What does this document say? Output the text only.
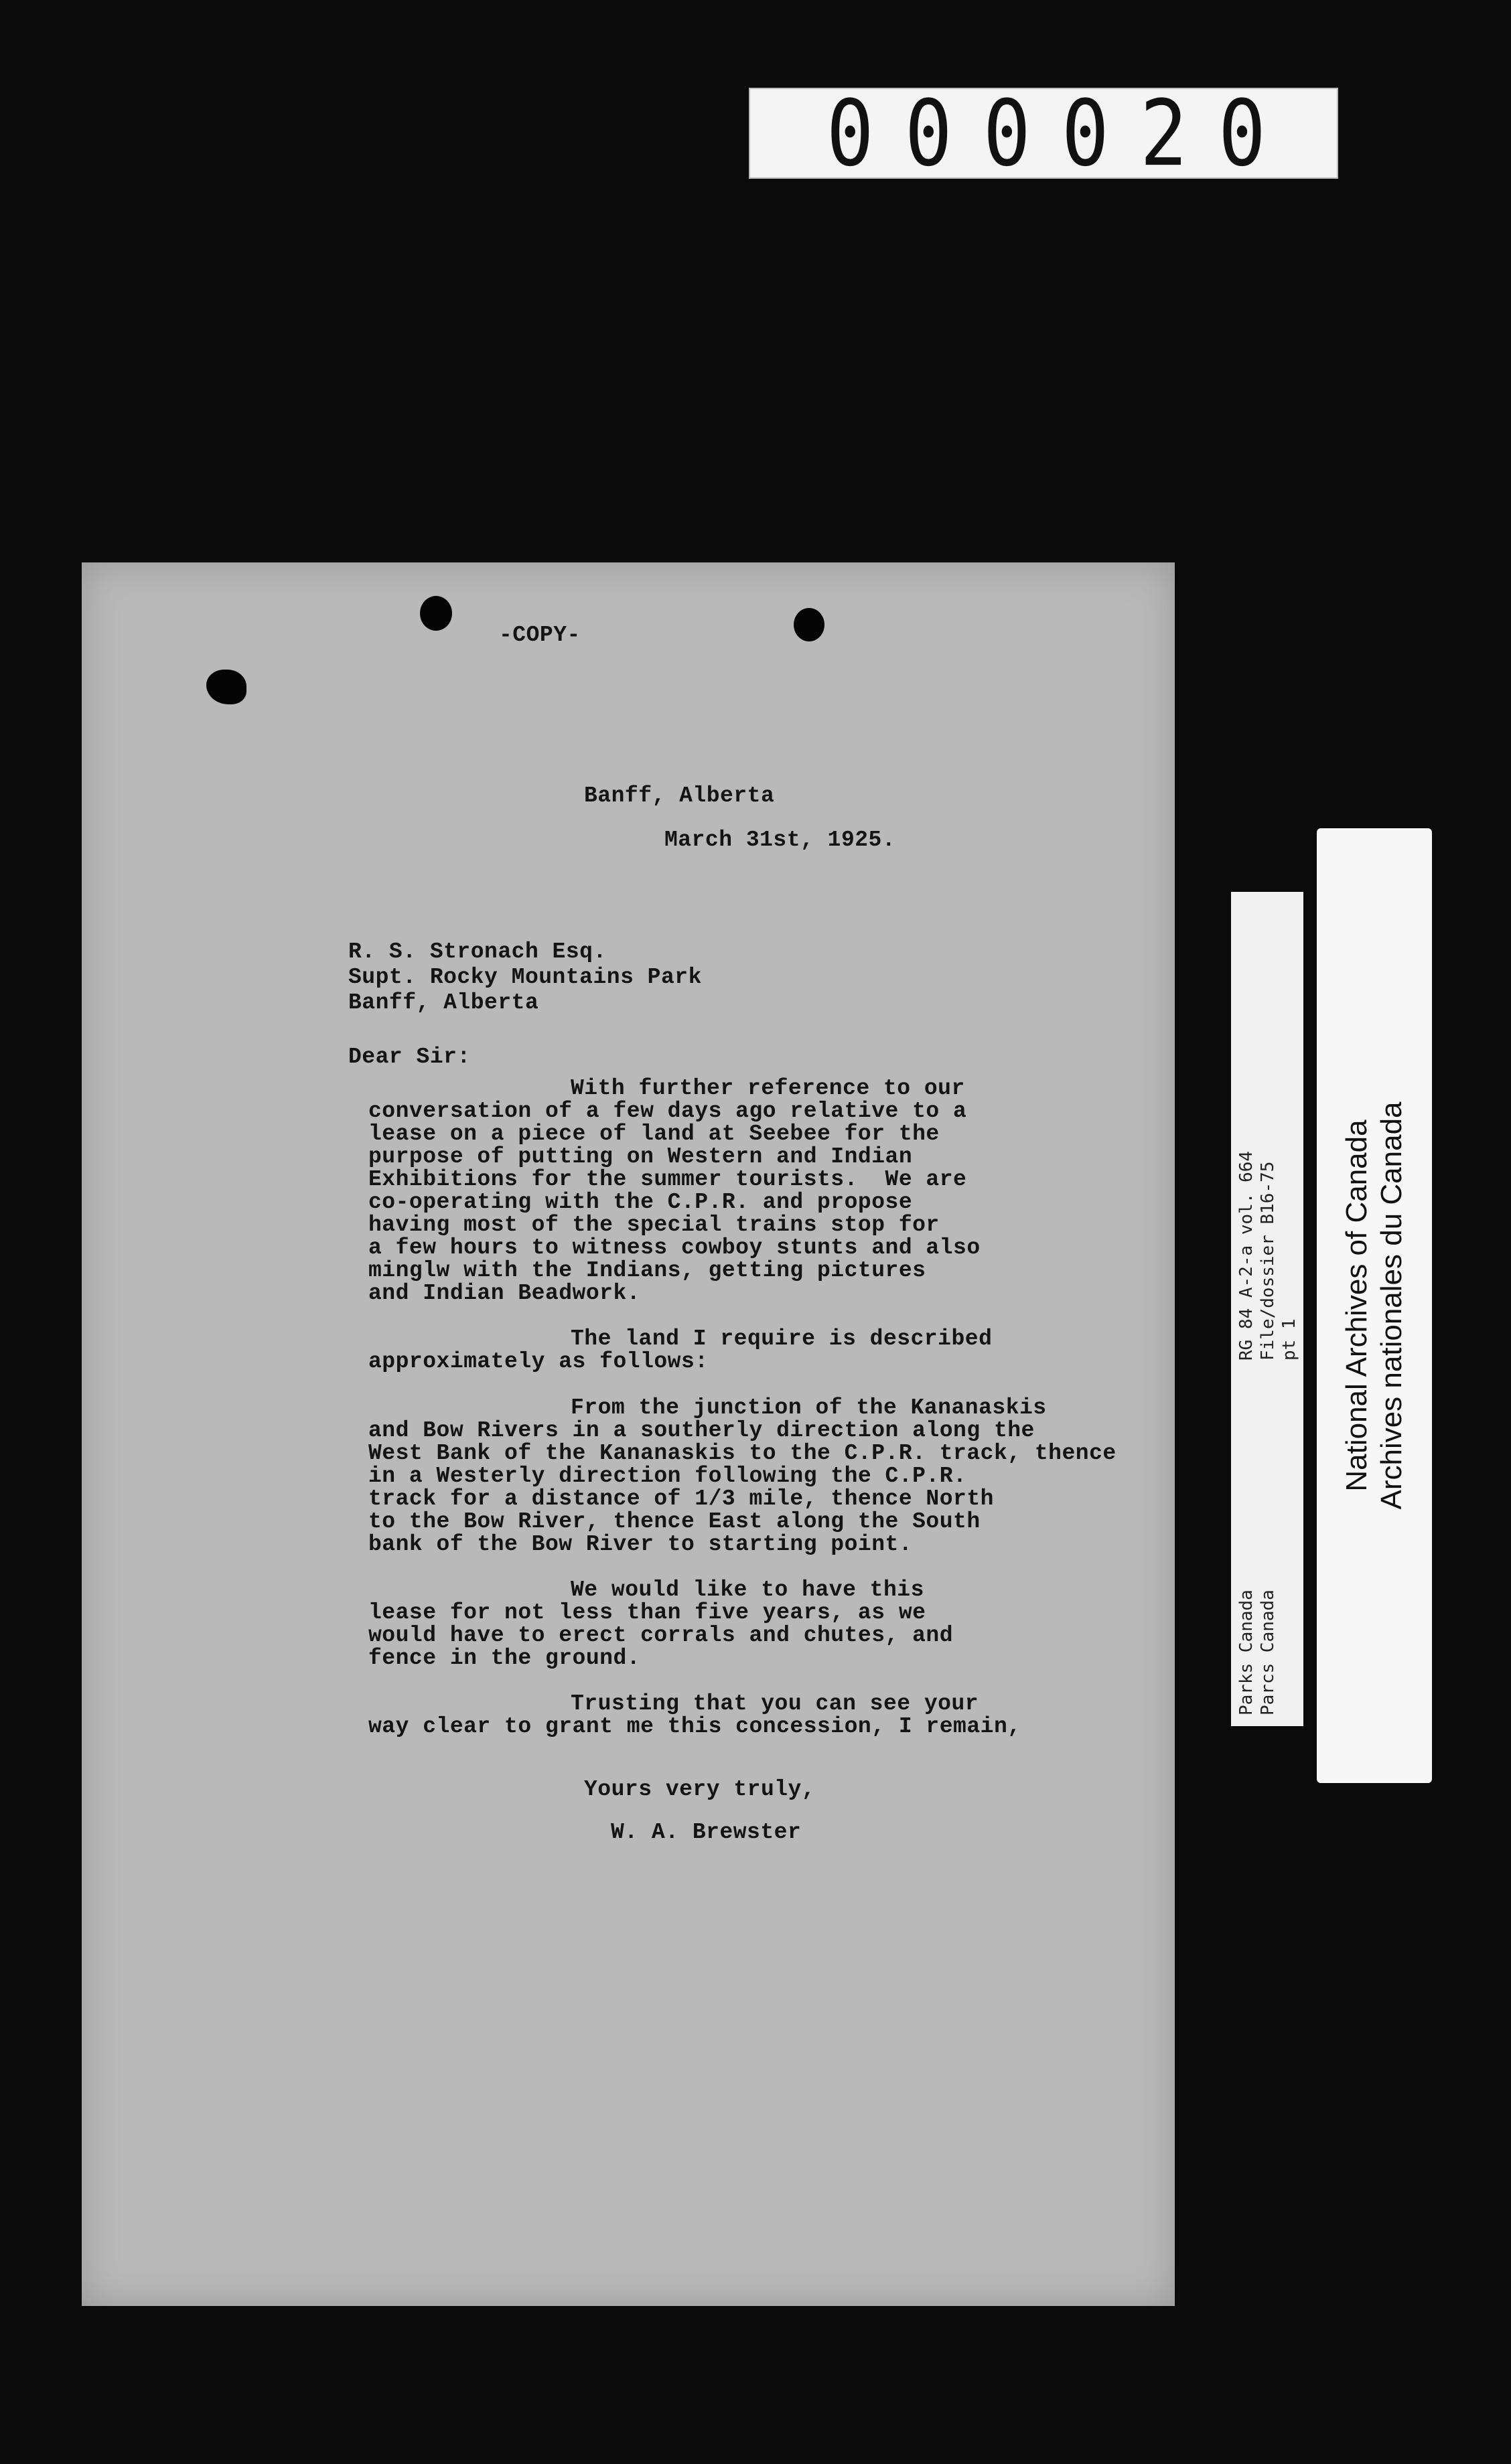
000020
-COPY-
Banff, Alberta
March 31st, 1925.
R. S. Stronach Esq.
Supt. Rocky Mountains Park
Banff, Alberta
Dear Sir:
With further reference to our
conversation of a few days ago relative to a
lease on a piece of land at Seebee for the
purpose of putting on Western and Indian
Exhibitions for the summer tourists.  We are
co-operating with the C.P.R. and propose
having most of the special trains stop for
a few hours to witness cowboy stunts and also
minglw with the Indians, getting pictures
and Indian Beadwork.
The land I require is described
approximately as follows:
From the junction of the Kananaskis
and Bow Rivers in a southerly direction along the
West Bank of the Kananaskis to the C.P.R. track, thence
in a Westerly direction following the C.P.R.
track for a distance of 1/3 mile, thence North
to the Bow River, thence East along the South
bank of the Bow River to starting point.
We would like to have this
lease for not less than five years, as we
would have to erect corrals and chutes, and
fence in the ground.
Trusting that you can see your
way clear to grant me this concession, I remain,
Yours very truly,
W. A. Brewster
RG 84 A-2-a vol. 664 File/dossier B16-75 pt 1
Parks Canada Parcs Canada
National Archives of Canada Archives nationales du Canada
